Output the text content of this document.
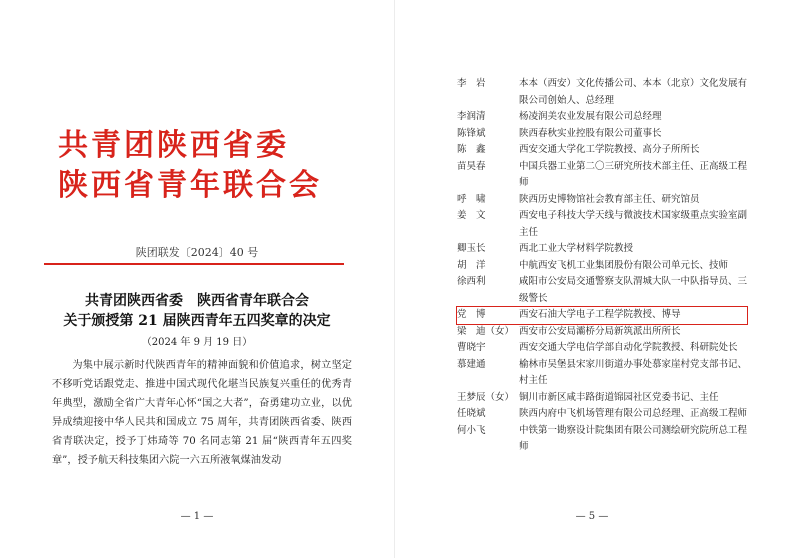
共青团陕西省委
陕西省青年联合会
陕团联发〔2024〕40 号
共青团陕西省委　陕西省青年联合会
关于颁授第 21 届陕西青年五四奖章的决定
（2024 年 9 月 19 日）

为集中展示新时代陕西青年的精神面貌和价值追求，树立坚定不移听党话跟党走、推进中国式现代化堪当民族复兴重任的优秀青年典型，激励全省广大青年心怀“国之大者”，奋勇建功立业，以优异成绩迎接中华人民共和国成立 75 周年，共青团陕西省委、陕西省青联决定，授予丁炜琦等 70 名同志第 21 届“陕西青年五四奖章”，授予航天科技集团六院一六五所液氧煤油发动

— 1 —
李　岩	本本（西安）文化传播公司、本本（北京）文化发展有限公司创始人、总经理
李润清	杨凌润美农业发展有限公司总经理
陈锋斌	陕西春秋实业控股有限公司董事长
陈　鑫	西安交通大学化工学院教授、高分子所所长
苗昊春	中国兵器工业第二〇三研究所技术部主任、正高级工程师
呼　啸	陕西历史博物馆社会教育部主任、研究馆员
姜　文	西安电子科技大学天线与微波技术国家级重点实验室副主任
卿玉长	西北工业大学材料学院教授
胡　洋	中航西安飞机工业集团股份有限公司单元长、技师
徐西利	咸阳市公安局交通警察支队渭城大队一中队指导员、三级警长
党　博	西安石油大学电子工程学院教授、博导
梁　迪（女） 西安市公安局灞桥分局新筑派出所所长
曹晓宇	西安交通大学电信学部自动化学院教授、科研院处长
慕建通	榆林市吴堡县宋家川街道办事处慕家崖村党支部书记、村主任
王梦辰（女） 铜川市新区咸丰路街道锦园社区党委书记、主任
任晓斌	陕西内府中飞机场管理有限公司总经理、正高级工程师
何小飞	中铁第一勘察设计院集团有限公司测绘研究院所总工程师
— 5 —
